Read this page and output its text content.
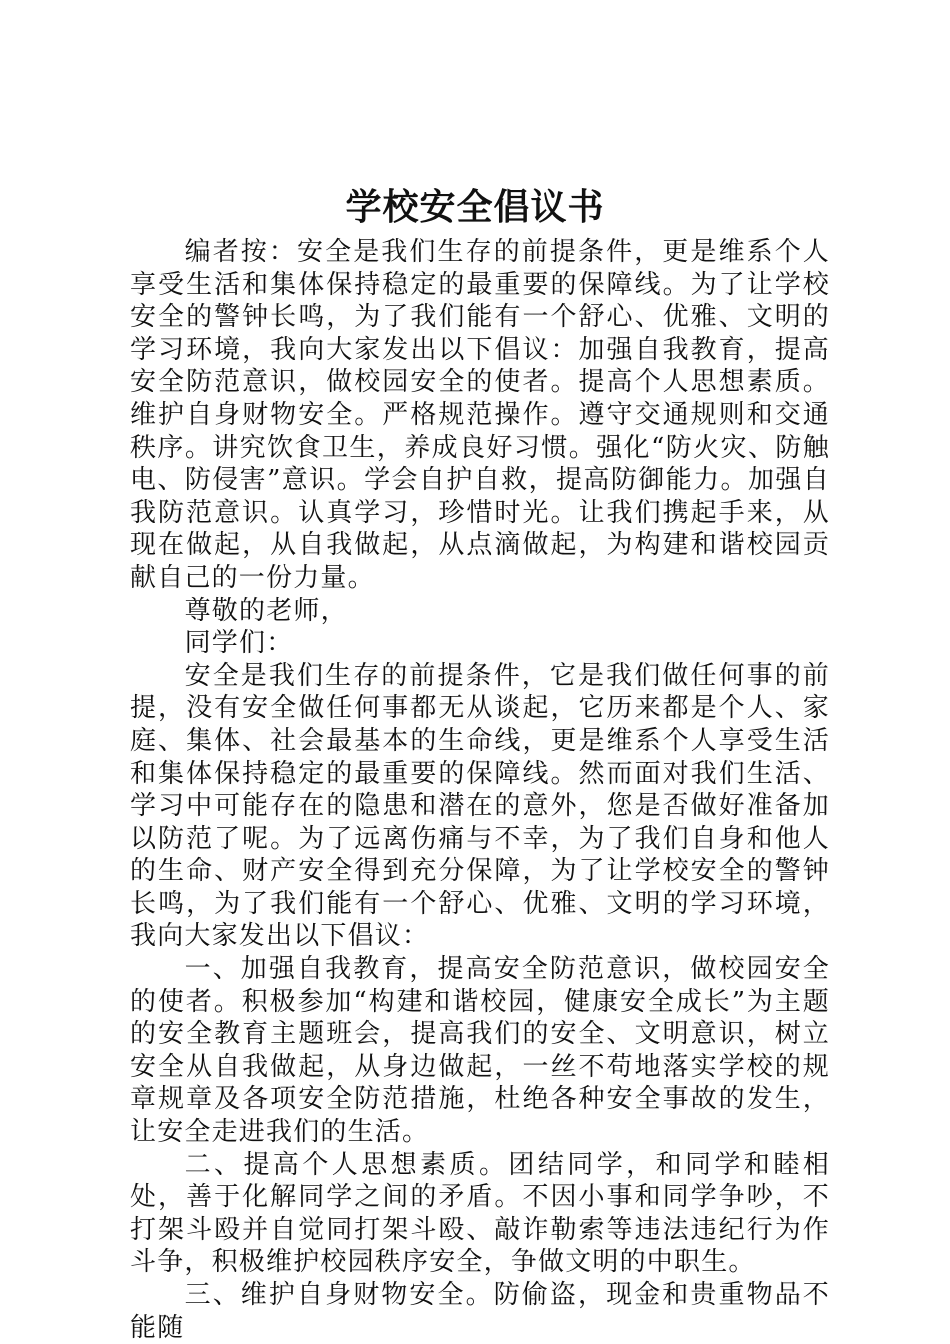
学校安全倡议书

编者按：安全是我们生存的前提条件，更是维系个人享受生活和集体保持稳定的最重要的保障线。为了让学校安全的警钟长鸣，为了我们能有一个舒心、优雅、文明的学习环境，我向大家发出以下倡议：加强自我教育，提高安全防范意识，做校园安全的使者。提高个人思想素质。维护自身财物安全。严格规范操作。遵守交通规则和交通秩序。讲究饮食卫生，养成良好习惯。强化“防火灾、防触电、防侵害”意识。学会自护自救，提高防御能力。加强自我防范意识。认真学习，珍惜时光。让我们携起手来，从现在做起，从自我做起，从点滴做起，为构建和谐校园贡献自己的一份力量。

尊敬的老师，

同学们：

安全是我们生存的前提条件，它是我们做任何事的前提，没有安全做任何事都无从谈起，它历来都是个人、家庭、集体、社会最基本的生命线，更是维系个人享受生活和集体保持稳定的最重要的保障线。然而面对我们生活、学习中可能存在的隐患和潜在的意外，您是否做好准备加以防范了呢。为了远离伤痛与不幸，为了我们自身和他人的生命、财产安全得到充分保障，为了让学校安全的警钟长鸣，为了我们能有一个舒心、优雅、文明的学习环境，我向大家发出以下倡议：

一、加强自我教育，提高安全防范意识，做校园安全的使者。积极参加“构建和谐校园，健康安全成长”为主题的安全教育主题班会，提高我们的安全、文明意识，树立安全从自我做起，从身边做起，一丝不苟地落实学校的规章规章及各项安全防范措施，杜绝各种安全事故的发生，让安全走进我们的生活。

二、提高个人思想素质。团结同学，和同学和睦相处，善于化解同学之间的矛盾。不因小事和同学争吵，不打架斗殴并自觉同打架斗殴、敲诈勒索等违法违纪行为作斗争，积极维护校园秩序安全，争做文明的中职生。

三、维护自身财物安全。防偷盗，现金和贵重物品不能随
